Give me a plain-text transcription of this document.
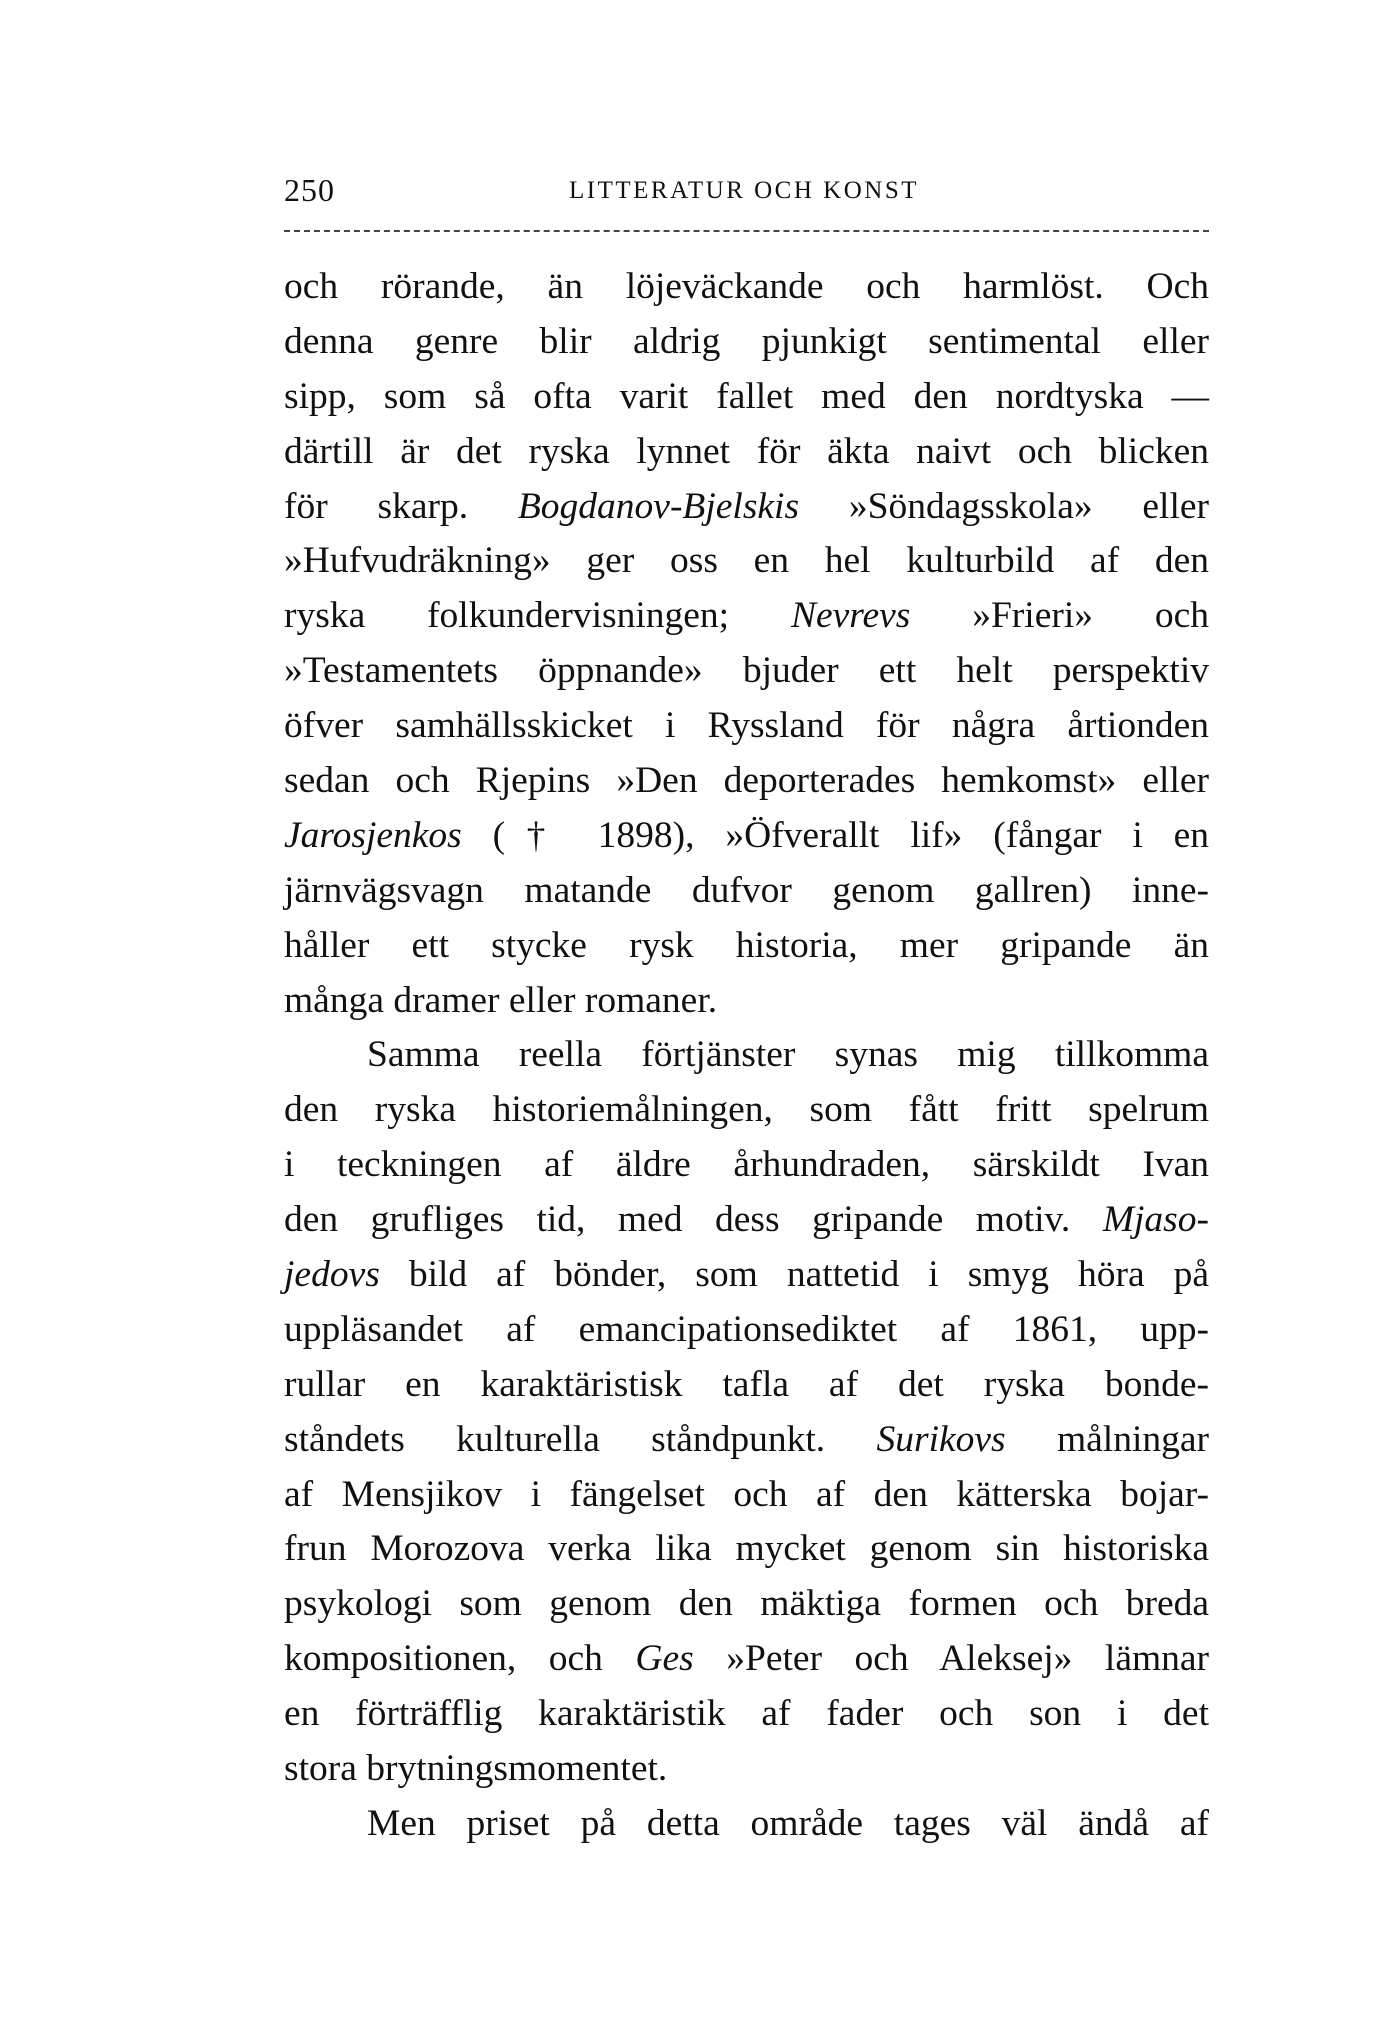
250	LITTERATUR OCH KONST
och rörande, än löjeväckande och harmlöst. Och
denna genre blir aldrig pjunkigt sentimental eller
sipp, som så ofta varit fallet med den nordtyska —
därtill är det ryska lynnet för äkta naivt och blicken
för skarp. Bogdanov-Bjelskis »Söndagsskola» eller
»Hufvudräkning» ger oss en hel kulturbild af den
ryska folkundervisningen; Nevrevs »Frieri» och
»Testamentets öppnande» bjuder ett helt perspektiv
öfver samhällsskicket i Ryssland för några årtionden
sedan och Rjepins »Den deporterades hemkomst» eller
Jarosjenkos († 1898), »Öfverallt lif» (fångar i en
järnvägsvagn matande dufvor genom gallren) inne-
håller ett stycke rysk historia, mer gripande än
många dramer eller romaner.
Samma reella förtjänster synas mig tillkomma
den ryska historiemålningen, som fått fritt spelrum
i teckningen af äldre århundraden, särskildt Ivan
den grufliges tid, med dess gripande motiv. Mjaso-
jedovs bild af bönder, som nattetid i smyg höra på
uppläsandet af emancipationsediktet af 1861, upp-
rullar en karaktäristisk tafla af det ryska bonde-
ståndets kulturella ståndpunkt. Surikovs målningar
af Mensjikov i fängelset och af den kätterska bojar-
frun Morozova verka lika mycket genom sin historiska
psykologi som genom den mäktiga formen och breda
kompositionen, och Ges »Peter och Aleksej» lämnar
en förträfflig karaktäristik af fader och son i det
stora brytningsmomentet.
Men priset på detta område tages väl ändå af
